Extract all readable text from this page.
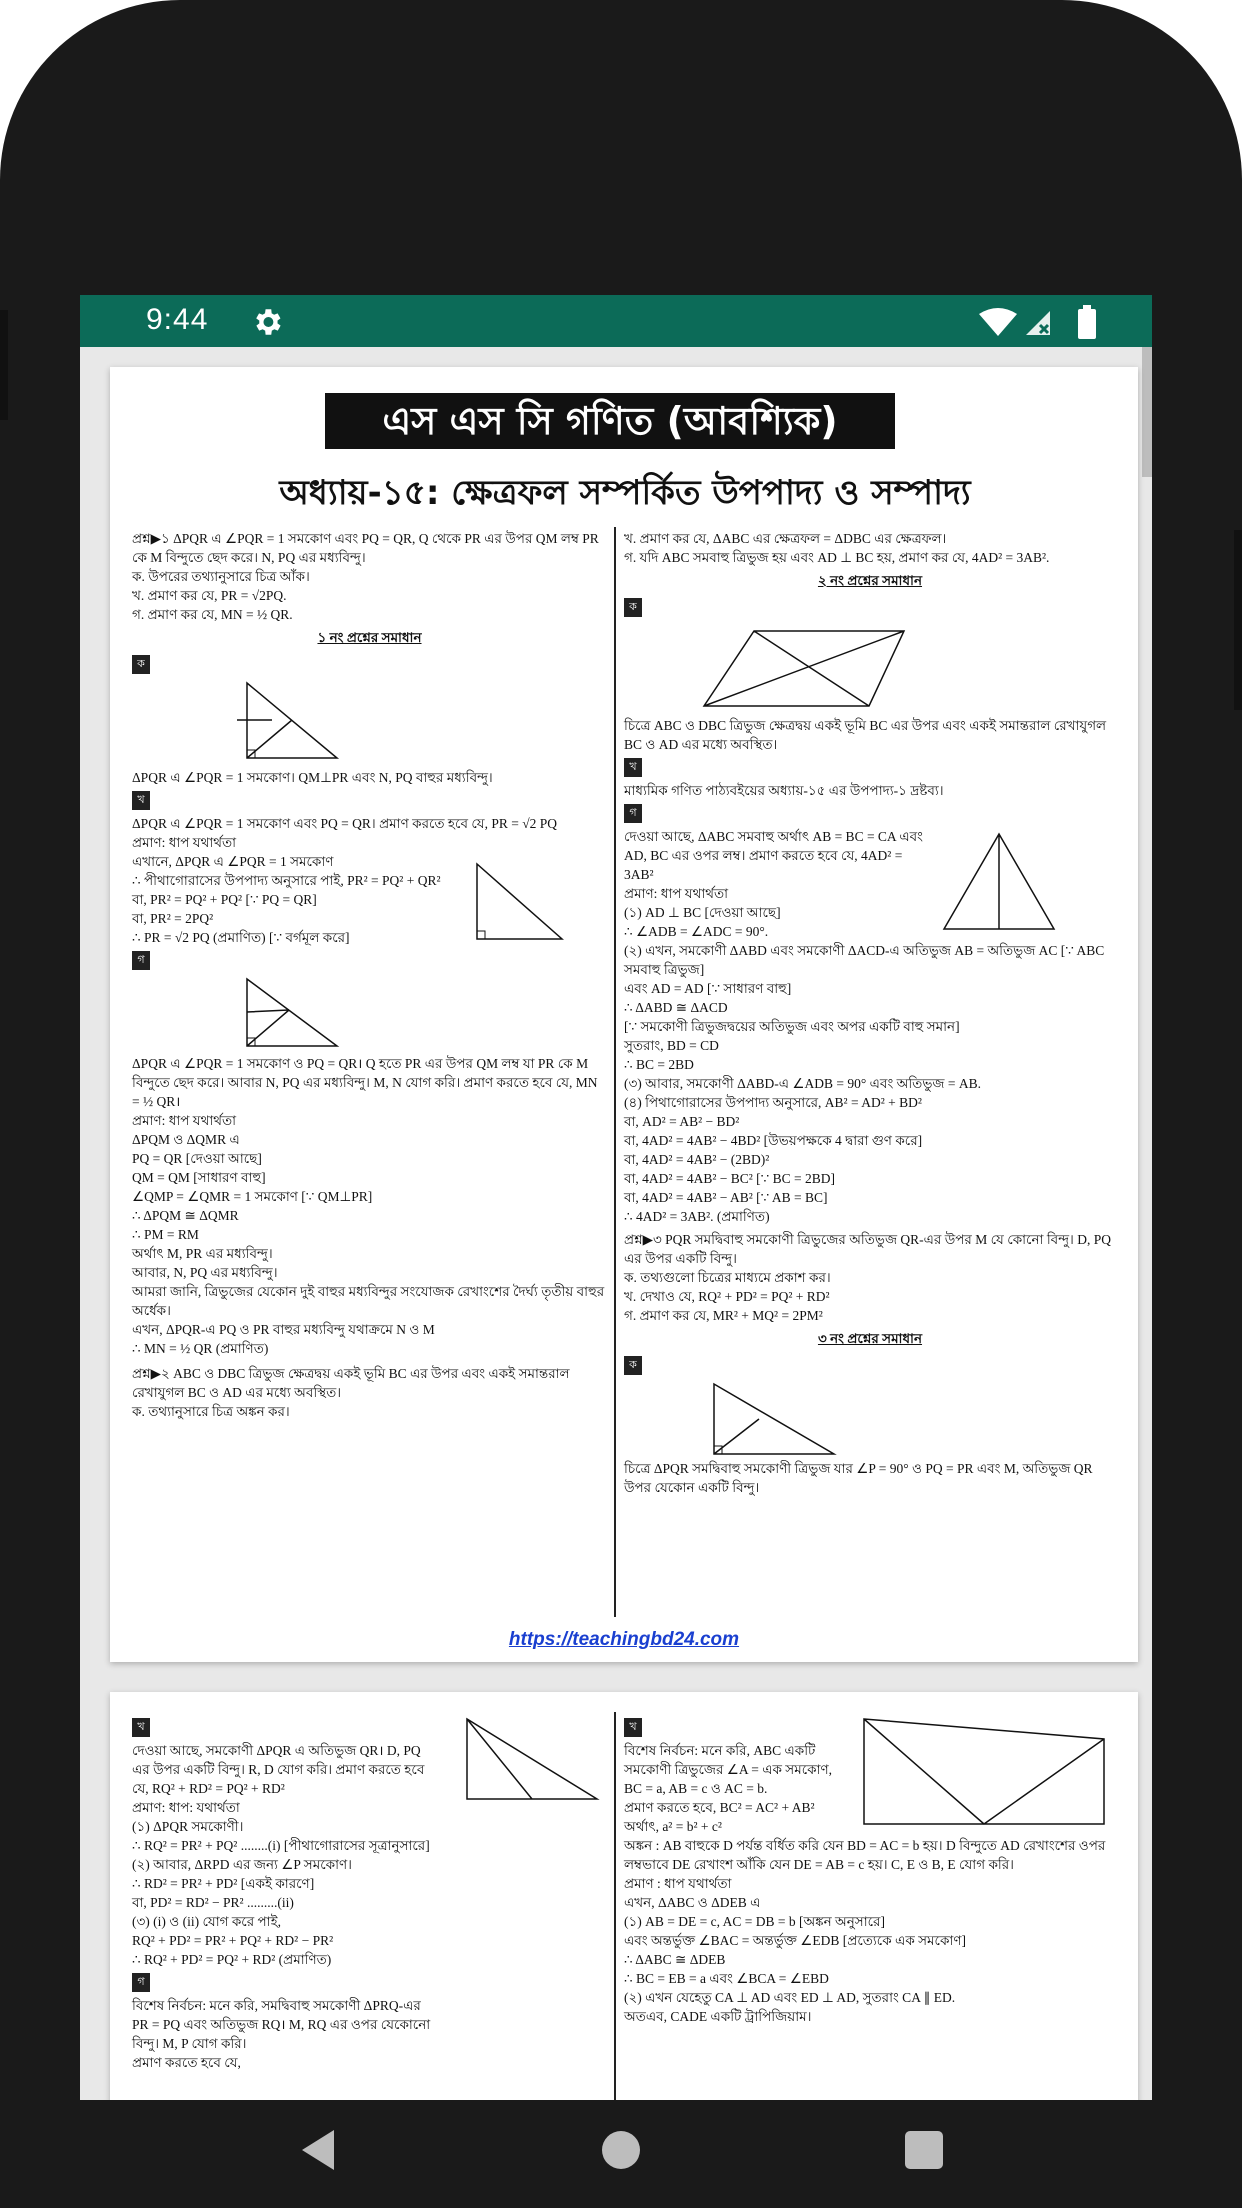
9:44
এস এস সি গণিত (আবশ্যিক)
অধ্যায়-১৫: ক্ষেত্রফল সম্পর্কিত উপপাদ্য ও সম্পাদ্য

প্রশ্ন▶১ ΔPQR এ ∠PQR = 1 সমকোণ এবং PQ = QR, Q থেকে PR এর উপর QM লম্ব PR কে M বিন্দুতে ছেদ করে। N, PQ এর মধ্যবিন্দু।

ক. উপরের তথ্যানুসারে চিত্র আঁক।

খ. প্রমাণ কর যে, PR = √2PQ.

গ. প্রমাণ কর যে, MN = ½ QR.

১ নং প্রশ্নের সমাধান

ক

ΔPQR এ ∠PQR = 1 সমকোণ। QM⊥PR এবং N, PQ বাহুর মধ্যবিন্দু।

খ

ΔPQR এ ∠PQR = 1 সমকোণ এবং PQ = QR। প্রমাণ করতে হবে যে, PR = √2 PQ

প্রমাণ: ধাপ যথার্থতা

এখানে, ΔPQR এ ∠PQR = 1 সমকোণ

∴ পীথাগোরাসের উপপাদ্য অনুসারে পাই, PR² = PQ² + QR²

বা, PR² = PQ² + PQ² [∵ PQ = QR]

বা, PR² = 2PQ²

∴ PR = √2 PQ (প্রমাণিত) [∵ বর্গমূল করে]

গ

ΔPQR এ ∠PQR = 1 সমকোণ ও PQ = QR। Q হতে PR এর উপর QM লম্ব যা PR কে M বিন্দুতে ছেদ করে। আবার N, PQ এর মধ্যবিন্দু। M, N যোগ করি। প্রমাণ করতে হবে যে, MN = ½ QR।

প্রমাণ: ধাপ যথার্থতা

ΔPQM ও ΔQMR এ

PQ = QR [দেওয়া আছে]

QM = QM [সাধারণ বাহু]

∠QMP = ∠QMR = 1 সমকোণ [∵ QM⊥PR]

∴ ΔPQM ≅ ΔQMR

∴ PM = RM

অর্থাৎ M, PR এর মধ্যবিন্দু।

আবার, N, PQ এর মধ্যবিন্দু।

আমরা জানি, ত্রিভুজের যেকোন দুই বাহুর মধ্যবিন্দুর সংযোজক রেখাংশের দৈর্ঘ্য তৃতীয় বাহুর অর্ধেক।

এখন, ΔPQR-এ PQ ও PR বাহুর মধ্যবিন্দু যথাক্রমে N ও M

∴ MN = ½ QR (প্রমাণিত)

প্রশ্ন▶২ ABC ও DBC ত্রিভুজ ক্ষেত্রদ্বয় একই ভূমি BC এর উপর এবং একই সমান্তরাল রেখাযুগল BC ও AD এর মধ্যে অবস্থিত।

ক. তথ্যানুসারে চিত্র অঙ্কন কর।

খ. প্রমাণ কর যে, ΔABC এর ক্ষেত্রফল = ΔDBC এর ক্ষেত্রফল।

গ. যদি ABC সমবাহু ত্রিভুজ হয় এবং AD ⊥ BC হয়, প্রমাণ কর যে, 4AD² = 3AB².

২ নং প্রশ্নের সমাধান

ক

চিত্রে ABC ও DBC ত্রিভুজ ক্ষেত্রদ্বয় একই ভূমি BC এর উপর এবং একই সমান্তরাল রেখাযুগল BC ও AD এর মধ্যে অবস্থিত।

খ

মাধ্যমিক গণিত পাঠ্যবইয়ের অধ্যায়-১৫ এর উপপাদ্য-১ দ্রষ্টব্য।

গ

দেওয়া আছে, ΔABC সমবাহু অর্থাৎ AB = BC = CA এবং AD, BC এর ওপর লম্ব। প্রমাণ করতে হবে যে, 4AD² = 3AB²

প্রমাণ: ধাপ যথার্থতা

(১) AD ⊥ BC [দেওয়া আছে]

∴ ∠ADB = ∠ADC = 90°.

(২) এখন, সমকোণী ΔABD এবং সমকোণী ΔACD-এ অতিভুজ AB = অতিভুজ AC [∵ ABC সমবাহু ত্রিভুজ]

এবং AD = AD [∵ সাধারণ বাহু]

∴ ΔABD ≅ ΔACD

[∵ সমকোণী ত্রিভুজদ্বয়ের অতিভুজ এবং অপর একটি বাহু সমান]

সুতরাং, BD = CD

∴ BC = 2BD

(৩) আবার, সমকোণী ΔABD-এ ∠ADB = 90° এবং অতিভুজ = AB.

(৪) পিথাগোরাসের উপপাদ্য অনুসারে, AB² = AD² + BD²

বা, AD² = AB² − BD²

বা, 4AD² = 4AB² − 4BD² [উভয়পক্ষকে 4 দ্বারা গুণ করে]

বা, 4AD² = 4AB² − (2BD)²

বা, 4AD² = 4AB² − BC² [∵ BC = 2BD]

বা, 4AD² = 4AB² − AB² [∵ AB = BC]

∴ 4AD² = 3AB². (প্রমাণিত)

প্রশ্ন▶৩ PQR সমদ্বিবাহু সমকোণী ত্রিভুজের অতিভুজ QR-এর উপর M যে কোনো বিন্দু। D, PQ এর উপর একটি বিন্দু।

ক. তথ্যগুলো চিত্রের মাধ্যমে প্রকাশ কর।

খ. দেখাও যে, RQ² + PD² = PQ² + RD²

গ. প্রমাণ কর যে, MR² + MQ² = 2PM²

৩ নং প্রশ্নের সমাধান

ক

চিত্রে ΔPQR সমদ্বিবাহু সমকোণী ত্রিভুজ যার ∠P = 90° ও PQ = PR এবং M, অতিভুজ QR উপর যেকোন একটি বিন্দু।

https://teachingbd24.com
খ

দেওয়া আছে, সমকোণী ΔPQR এ অতিভুজ QR। D, PQ এর উপর একটি বিন্দু। R, D যোগ করি। প্রমাণ করতে হবে যে, RQ² + RD² = PQ² + RD²

প্রমাণ: ধাপ: যথার্থতা

(১) ΔPQR সমকোণী।

∴ RQ² = PR² + PQ² ........(i) [পীথাগোরাসের সূত্রানুসারে]

(২) আবার, ΔRPD এর জন্য ∠P সমকোণ।

∴ RD² = PR² + PD² [একই কারণে]

বা, PD² = RD² − PR² .........(ii)

(৩) (i) ও (ii) যোগ করে পাই,

RQ² + PD² = PR² + PQ² + RD² − PR²

∴ RQ² + PD² = PQ² + RD² (প্রমাণিত)

গ

বিশেষ নির্বচন: মনে করি, সমদ্বিবাহু সমকোণী ΔPRQ-এর PR = PQ এবং অতিভুজ RQ। M, RQ এর ওপর যেকোনো বিন্দু। M, P যোগ করি।

প্রমাণ করতে হবে যে,

খ

বিশেষ নির্বচন: মনে করি, ABC একটি সমকোণী ত্রিভুজের ∠A = এক সমকোণ,

BC = a, AB = c ও AC = b.

প্রমাণ করতে হবে, BC² = AC² + AB²

অর্থাৎ, a² = b² + c²

অঙ্কন : AB বাহুকে D পর্যন্ত বর্ধিত করি যেন BD = AC = b হয়। D বিন্দুতে AD রেখাংশের ওপর লম্বভাবে DE রেখাংশ আঁকি যেন DE = AB = c হয়। C, E ও B, E যোগ করি।

প্রমাণ : ধাপ যথার্থতা

এখন, ΔABC ও ΔDEB এ

(১) AB = DE = c, AC = DB = b [অঙ্কন অনুসারে]

এবং অন্তর্ভুক্ত ∠BAC = অন্তর্ভুক্ত ∠EDB [প্রত্যেকে এক সমকোণ]

∴ ΔABC ≅ ΔDEB

∴ BC = EB = a এবং ∠BCA = ∠EBD

(২) এখন যেহেতু CA ⊥ AD এবং ED ⊥ AD, সুতরাং CA ∥ ED.

অতএব, CADE একটি ট্রাপিজিয়াম।
